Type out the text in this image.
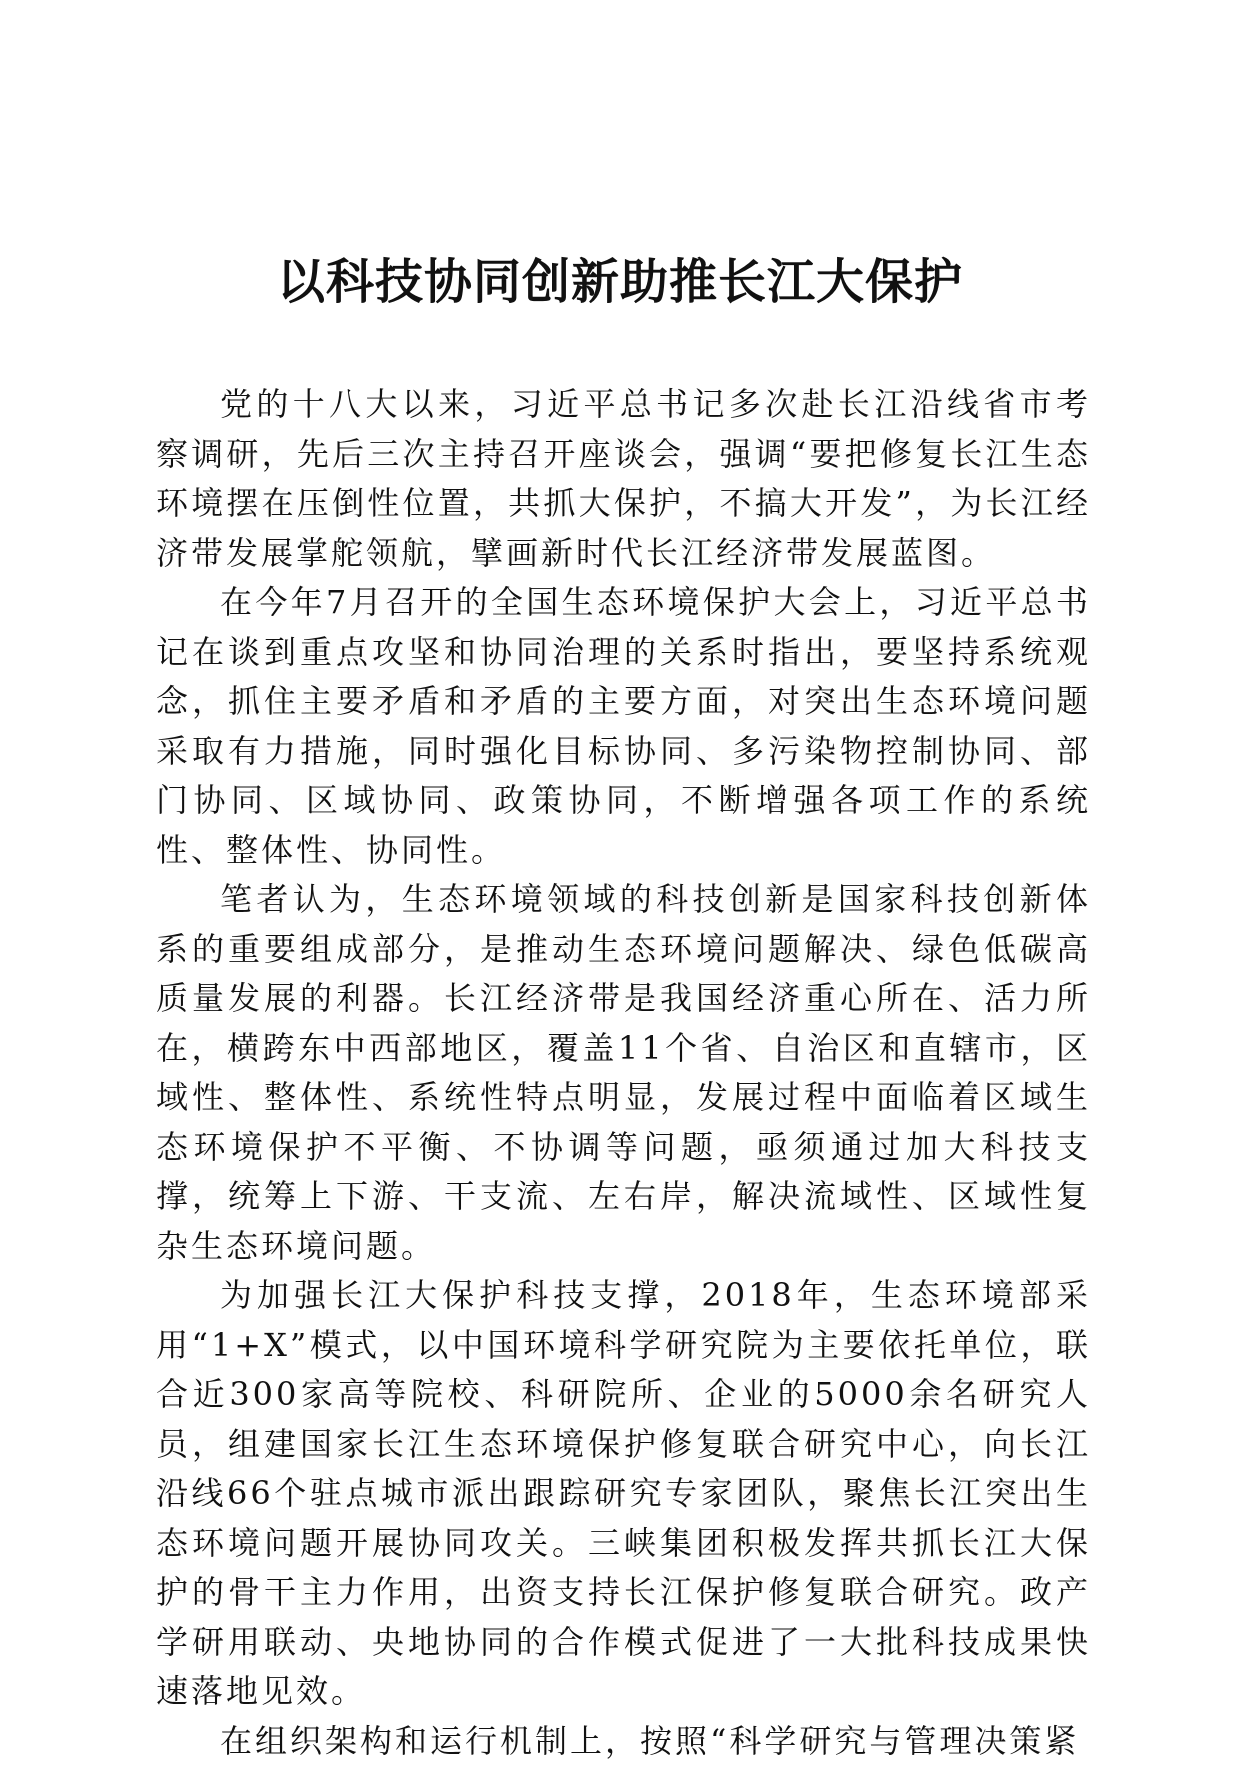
以科技协同创新助推长江大保护

党的十八大以来，习近平总书记多次赴长江沿线省市考察调研，先后三次主持召开座谈会，强调“要把修复长江生态环境摆在压倒性位置，共抓大保护，不搞大开发”，为长江经济带发展掌舵领航，擘画新时代长江经济带发展蓝图。

在今年7月召开的全国生态环境保护大会上，习近平总书记在谈到重点攻坚和协同治理的关系时指出，要坚持系统观念，抓住主要矛盾和矛盾的主要方面，对突出生态环境问题采取有力措施，同时强化目标协同、多污染物控制协同、部门协同、区域协同、政策协同，不断增强各项工作的系统性、整体性、协同性。

笔者认为，生态环境领域的科技创新是国家科技创新体系的重要组成部分，是推动生态环境问题解决、绿色低碳高质量发展的利器。长江经济带是我国经济重心所在、活力所在，横跨东中西部地区，覆盖11个省、自治区和直辖市，区域性、整体性、系统性特点明显，发展过程中面临着区域生态环境保护不平衡、不协调等问题，亟须通过加大科技支撑，统筹上下游、干支流、左右岸，解决流域性、区域性复杂生态环境问题。

为加强长江大保护科技支撑，2018年，生态环境部采用“1+X”模式，以中国环境科学研究院为主要依托单位，联合近300家高等院校、科研院所、企业的5000余名研究人员，组建国家长江生态环境保护修复联合研究中心，向长江沿线66个驻点城市派出跟踪研究专家团队，聚焦长江突出生态环境问题开展协同攻关。三峡集团积极发挥共抓长江大保护的骨干主力作用，出资支持长江保护修复联合研究。政产学研用联动、央地协同的合作模式促进了一大批科技成果快速落地见效。

在组织架构和运行机制上，按照“科学研究与管理决策紧
